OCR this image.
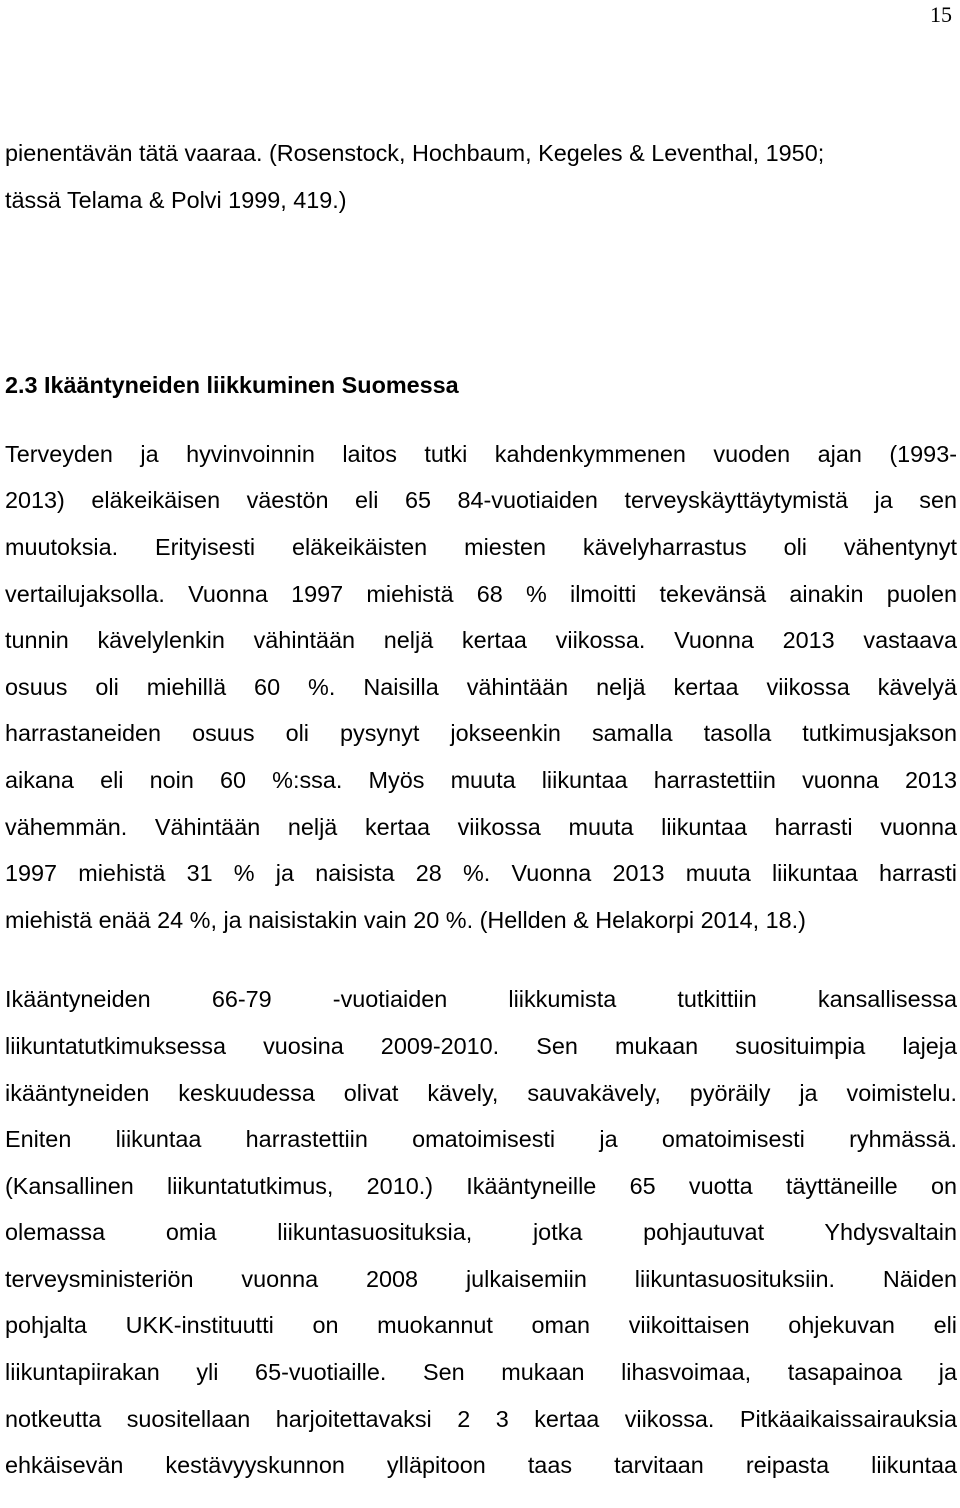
15
pienentävän tätä vaaraa. (Rosenstock, Hochbaum, Kegeles & Leventhal, 1950;
tässä Telama & Polvi 1999, 419.)
2.3 Ikääntyneiden liikkuminen Suomessa
Terveyden ja hyvinvoinnin laitos tutki kahdenkymmenen vuoden ajan (1993-
2013) eläkeikäisen väestön eli 65 84-vuotiaiden terveyskäyttäytymistä ja sen
muutoksia. Erityisesti eläkeikäisten miesten kävelyharrastus oli vähentynyt
vertailujaksolla. Vuonna 1997 miehistä 68 % ilmoitti tekevänsä ainakin puolen
tunnin kävelylenkin vähintään neljä kertaa viikossa. Vuonna 2013 vastaava
osuus oli miehillä 60 %. Naisilla vähintään neljä kertaa viikossa kävelyä
harrastaneiden osuus oli pysynyt jokseenkin samalla tasolla tutkimusjakson
aikana eli noin 60 %:ssa. Myös muuta liikuntaa harrastettiin vuonna 2013
vähemmän. Vähintään neljä kertaa viikossa muuta liikuntaa harrasti vuonna
1997 miehistä 31 % ja naisista 28 %. Vuonna 2013 muuta liikuntaa harrasti
miehistä enää 24 %, ja naisistakin vain 20 %. (Hellden & Helakorpi 2014, 18.)
Ikääntyneiden 66-79 -vuotiaiden liikkumista tutkittiin kansallisessa
liikuntatutkimuksessa vuosina 2009-2010. Sen mukaan suosituimpia lajeja
ikääntyneiden keskuudessa olivat kävely, sauvakävely, pyöräily ja voimistelu.
Eniten liikuntaa harrastettiin omatoimisesti ja omatoimisesti ryhmässä.
(Kansallinen liikuntatutkimus, 2010.) Ikääntyneille 65 vuotta täyttäneille on
olemassa omia liikuntasuosituksia, jotka pohjautuvat Yhdysvaltain
terveysministeriön vuonna 2008 julkaisemiin liikuntasuosituksiin. Näiden
pohjalta UKK-instituutti on muokannut oman viikoittaisen ohjekuvan eli
liikuntapiirakan yli 65-vuotiaille. Sen mukaan lihasvoimaa, tasapainoa ja
notkeutta suositellaan harjoitettavaksi 2 3 kertaa viikossa. Pitkäaikaissairauksia
ehkäisevän kestävyyskunnon ylläpitoon taas tarvitaan reipasta liikuntaa
